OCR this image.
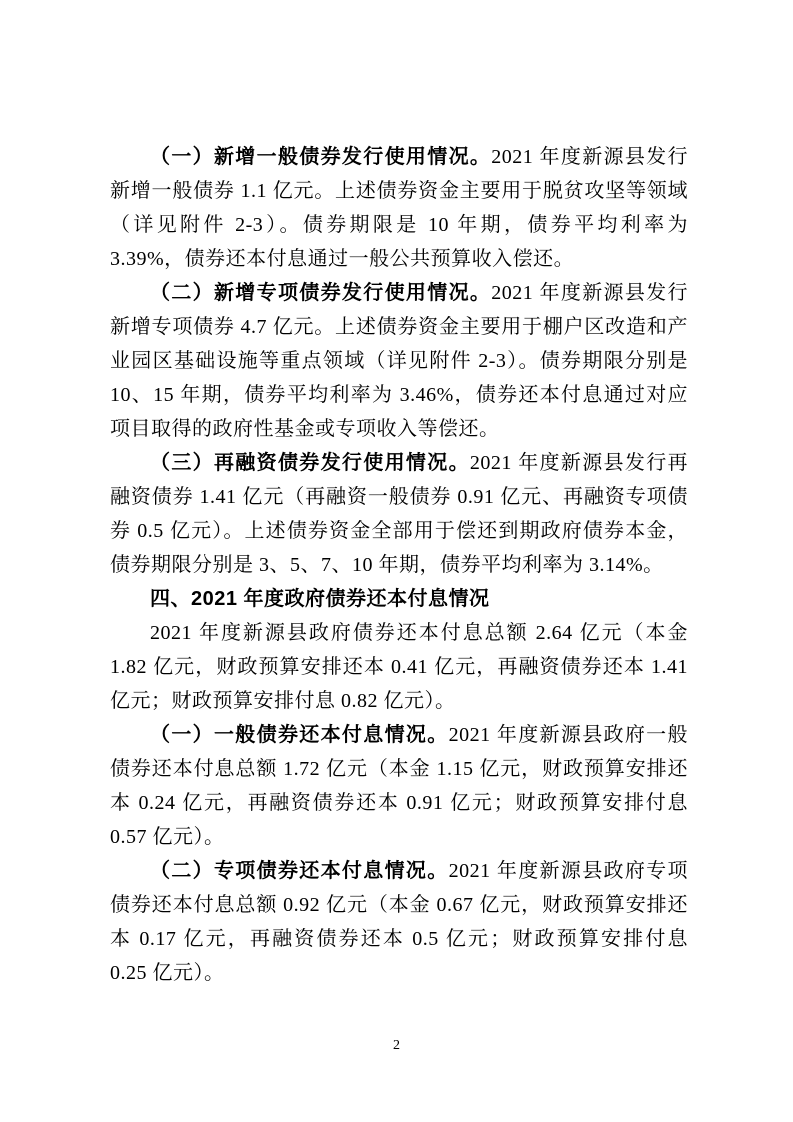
（一）新增一般债券发行使用情况。2021 年度新源县发行新增一般债券 1.1 亿元。上述债券资金主要用于脱贫攻坚等领域（详见附件 2-3）。债券期限是 10 年期，债券平均利率为 3.39%，债券还本付息通过一般公共预算收入偿还。

（二）新增专项债券发行使用情况。2021 年度新源县发行新增专项债券 4.7 亿元。上述债券资金主要用于棚户区改造和产业园区基础设施等重点领域（详见附件 2-3）。债券期限分别是 10、15 年期，债券平均利率为 3.46%，债券还本付息通过对应项目取得的政府性基金或专项收入等偿还。

（三）再融资债券发行使用情况。2021 年度新源县发行再融资债券 1.41 亿元（再融资一般债券 0.91 亿元、再融资专项债券 0.5 亿元）。上述债券资金全部用于偿还到期政府债券本金，债券期限分别是 3、5、7、10 年期，债券平均利率为 3.14%。

四、2021 年度政府债券还本付息情况

2021 年度新源县政府债券还本付息总额 2.64 亿元（本金 1.82 亿元，财政预算安排还本 0.41 亿元，再融资债券还本 1.41 亿元；财政预算安排付息 0.82 亿元）。

（一）一般债券还本付息情况。2021 年度新源县政府一般债券还本付息总额 1.72 亿元（本金 1.15 亿元，财政预算安排还本 0.24 亿元，再融资债券还本 0.91 亿元；财政预算安排付息 0.57 亿元）。

（二）专项债券还本付息情况。2021 年度新源县政府专项债券还本付息总额 0.92 亿元（本金 0.67 亿元，财政预算安排还本 0.17 亿元，再融资债券还本 0.5 亿元；财政预算安排付息 0.25 亿元）。

2
